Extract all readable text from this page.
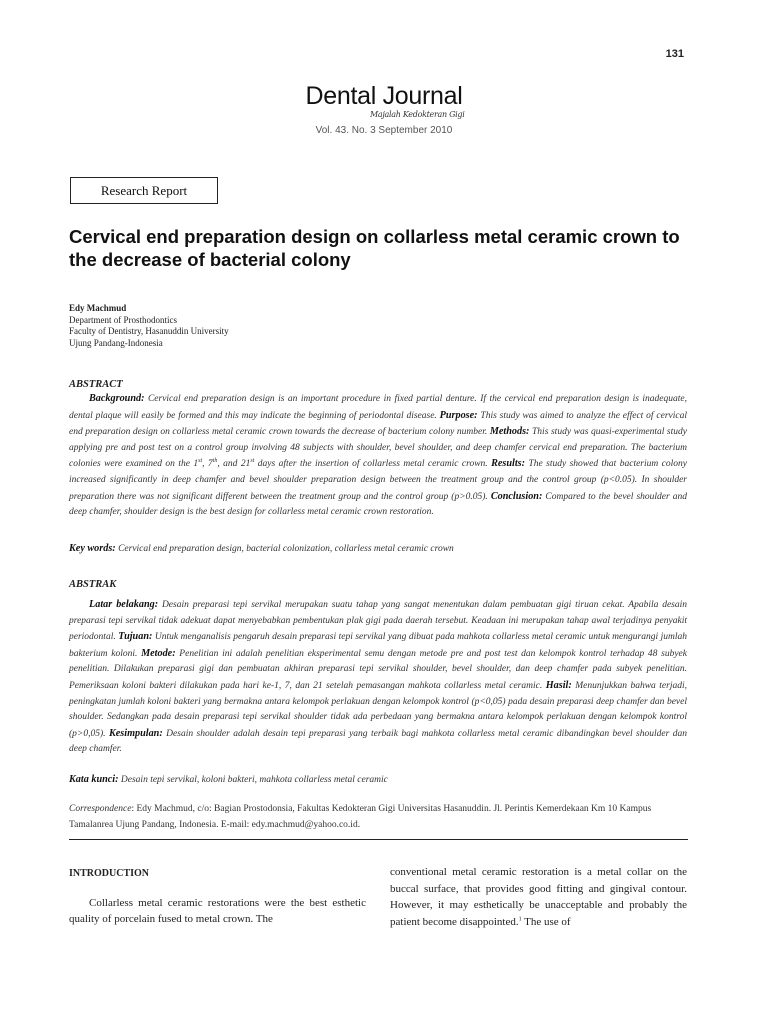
131
Dental Journal
Majalah Kedokteran Gigi
Vol. 43. No. 3 September 2010
Research Report
Cervical end preparation design on collarless metal ceramic crown to the decrease of bacterial colony
Edy Machmud
Department of Prosthodontics
Faculty of Dentistry, Hasanuddin University
Ujung Pandang-Indonesia
ABSTRACT

Background: Cervical end preparation design is an important procedure in fixed partial denture. If the cervical end preparation design is inadequate, dental plaque will easily be formed and this may indicate the beginning of periodontal disease. Purpose: This study was aimed to analyze the effect of cervical end preparation design on collarless metal ceramic crown towards the decrease of bacterium colony number. Methods: This study was quasi-experimental study applying pre and post test on a control group involving 48 subjects with shoulder, bevel shoulder, and deep chamfer cervical end preparation. The bacterium colonies were examined on the 1st, 7th, and 21st days after the insertion of collarless metal ceramic crown. Results: The study showed that bacterium colony increased significantly in deep chamfer and bevel shoulder preparation design between the treatment group and the control group (p<0.05). In shoulder preparation there was not significant different between the treatment group and the control group (p>0.05). Conclusion: Compared to the bevel shoulder and deep chamfer, shoulder design is the best design for collarless metal ceramic crown restoration.

Key words: Cervical end preparation design, bacterial colonization, collarless metal ceramic crown
ABSTRAK

Latar belakang: Desain preparasi tepi servikal merupakan suatu tahap yang sangat menentukan dalam pembuatan gigi tiruan cekat. Apabila desain preparasi tepi servikal tidak adekuat dapat menyebabkan pembentukan plak gigi pada daerah tersebut. Keadaan ini merupakan tahap awal terjadinya penyakit periodontal. Tujuan: Untuk menganalisis pengaruh desain preparasi tepi servikal yang dibuat pada mahkota collarless metal ceramic untuk mengurangi jumlah bakterium koloni. Metode: Penelitian ini adalah penelitian eksperimental semu dengan metode pre and post test dan kelompok kontrol terhadap 48 subyek penelitian. Dilakukan preparasi gigi dan pembuatan akhiran preparasi tepi servikal shoulder, bevel shoulder, dan deep chamfer pada subyek penelitian. Pemeriksaan koloni bakteri dilakukan pada hari ke-1, 7, dan 21 setelah pemasangan mahkota collarless metal ceramic. Hasil: Menunjukkan bahwa terjadi, peningkatan jumlah koloni bakteri yang bermakna antara kelompok perlakuan dengan kelompok kontrol (p<0,05) pada desain preparasi deep chamfer dan bevel shoulder. Sedangkan pada desain preparasi tepi servikal shoulder tidak ada perbedaan yang bermakna antara kelompok perlakuan dengan kelompok kontrol (p>0,05). Kesimpulan: Desain shoulder adalah desain tepi preparasi yang terbaik bagi mahkota collarless metal ceramic dibandingkan bevel shoulder dan deep chamfer.

Kata kunci: Desain tepi servikal, koloni bakteri, mahkota collarless metal ceramic
Correspondence: Edy Machmud, c/o: Bagian Prostodonsia, Fakultas Kedokteran Gigi Universitas Hasanuddin. Jl. Perintis Kemerdekaan Km 10 Kampus Tamalanrea Ujung Pandang, Indonesia. E-mail: edy.machmud@yahoo.co.id.
INTRODUCTION

Collarless metal ceramic restorations were the best esthetic quality of porcelain fused to metal crown. The

conventional metal ceramic restoration is a metal collar on the buccal surface, that provides good fitting and gingival contour. However, it may esthetically be unacceptable and probably the patient become disappointed.$^1$ The use of
